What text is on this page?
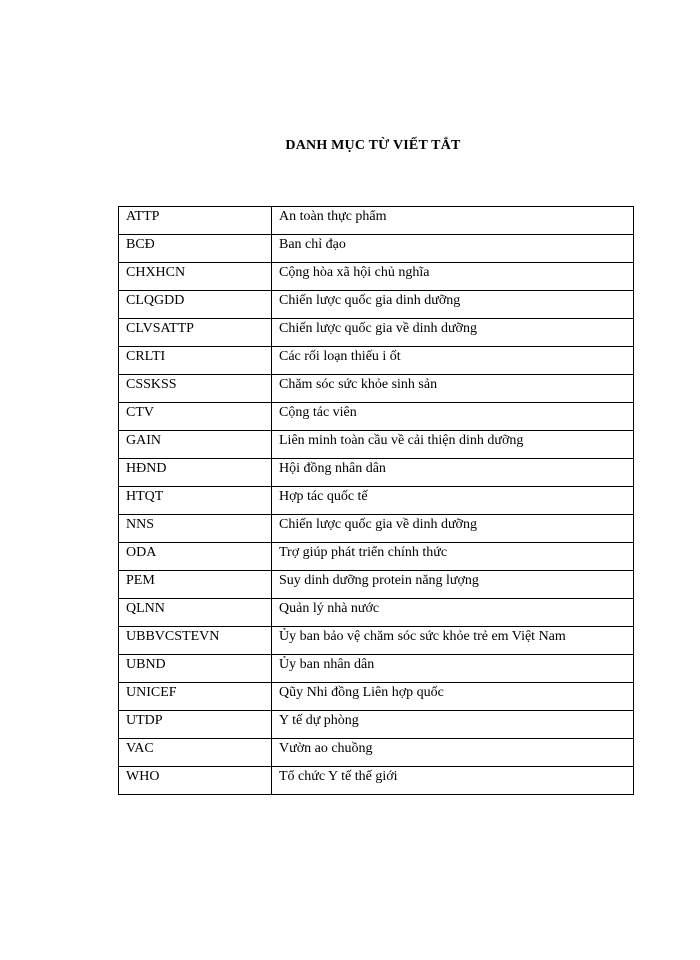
DANH MỤC TỪ VIẾT TẮT
ATTP	An toàn thực phẩm
BCĐ	Ban chỉ đạo
CHXHCN	Cộng hòa xã hội chủ nghĩa
CLQGDD	Chiến lược quốc gia dinh dưỡng
CLVSATTP	Chiến lược quốc gia về dinh dưỡng
CRLTI	Các rối loạn thiếu i ốt
CSSKSS	Chăm sóc sức khỏe sinh sản
CTV	Cộng tác viên
GAIN	Liên minh toàn cầu về cải thiện dinh dưỡng
HĐND	Hội đồng nhân dân
HTQT	Hợp tác quốc tế
NNS	Chiến lược quốc gia về dinh dưỡng
ODA	Trợ giúp phát triển chính thức
PEM	Suy dinh dưỡng protein năng lượng
QLNN	Quản lý nhà nước
UBBVCSTEVN	Ủy ban bảo vệ chăm sóc sức khỏe trẻ em Việt Nam
UBND	Ủy ban nhân dân
UNICEF	Qũy Nhi đồng Liên hợp quốc
UTDP	Y tế dự phòng
VAC	Vườn ao chuồng
WHO	Tổ chức Y tế thế giới
